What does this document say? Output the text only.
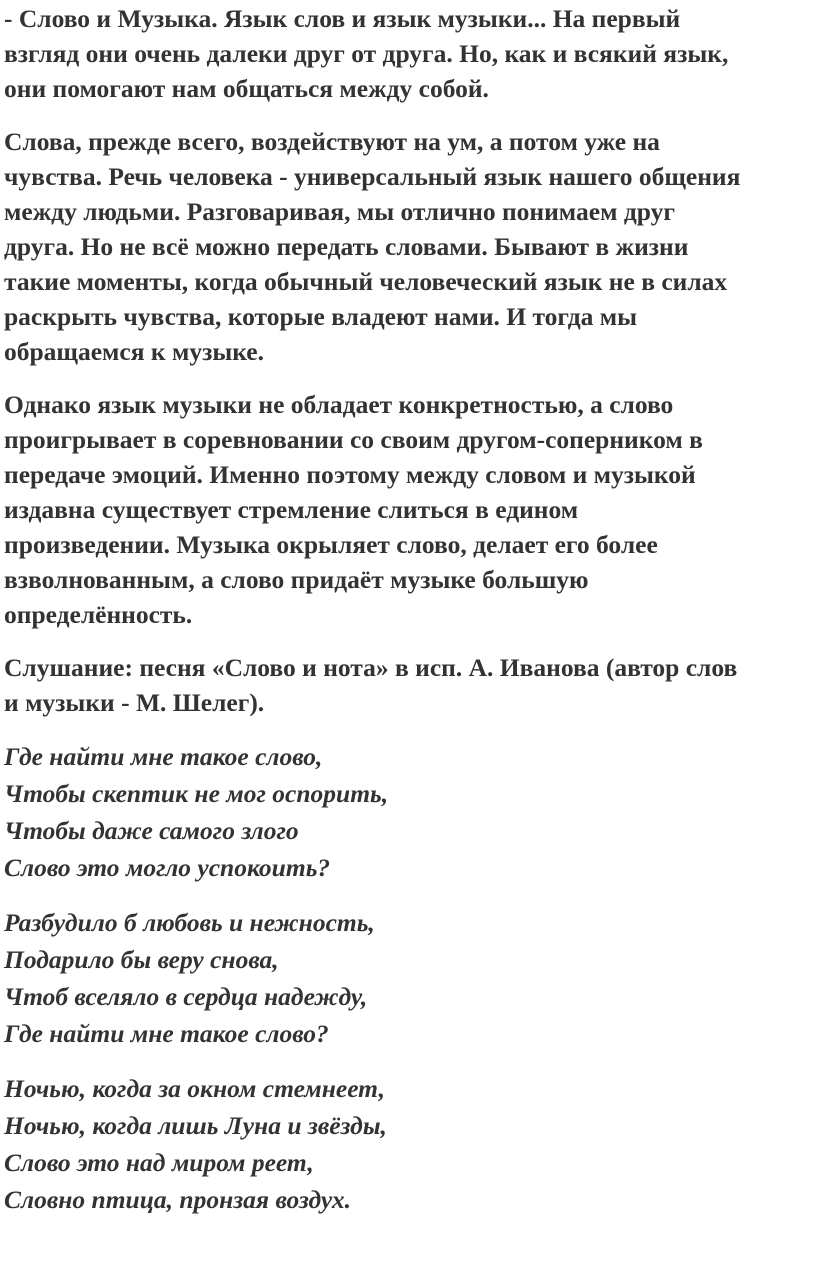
- Слово и Музыка. Язык слов и язык музыки... На первый
взгляд они очень далеки друг от друга. Но, как и всякий язык,
они помогают нам общаться между собой.
Слова, прежде всего, воздействуют на ум, а потом уже на
чувства. Речь человека - универсальный язык нашего общения
между людьми. Разговаривая, мы отлично понимаем друг
друга. Но не всё можно передать словами. Бывают в жизни
такие моменты, когда обычный человеческий язык не в силах
раскрыть чувства, которые владеют нами. И тогда мы
обращаемся к музыке.
Однако язык музыки не обладает конкретностью, а слово
проигрывает в соревновании со своим другом-соперником в
передаче эмоций. Именно поэтому между словом и музыкой
издавна существует стремление слиться в едином
произведении. Музыка окрыляет слово, делает его более
взволнованным, а слово придаёт музыке большую
определённость.
Слушание: песня «Слово и нота» в исп. А. Иванова (автор слов
и музыки - М. Шелег).
Где найти мне такое слово,
Чтобы скептик не мог оспорить,
Чтобы даже самого злого
Слово это могло успокоить?
Разбудило б любовь и нежность,
Подарило бы веру снова,
Чтоб вселяло в сердца надежду,
Где найти мне такое слово?
Ночью, когда за окном стемнеет,
Ночью, когда лишь Луна и звёзды,
Слово это над миром реет,
Словно птица, пронзая воздух.
